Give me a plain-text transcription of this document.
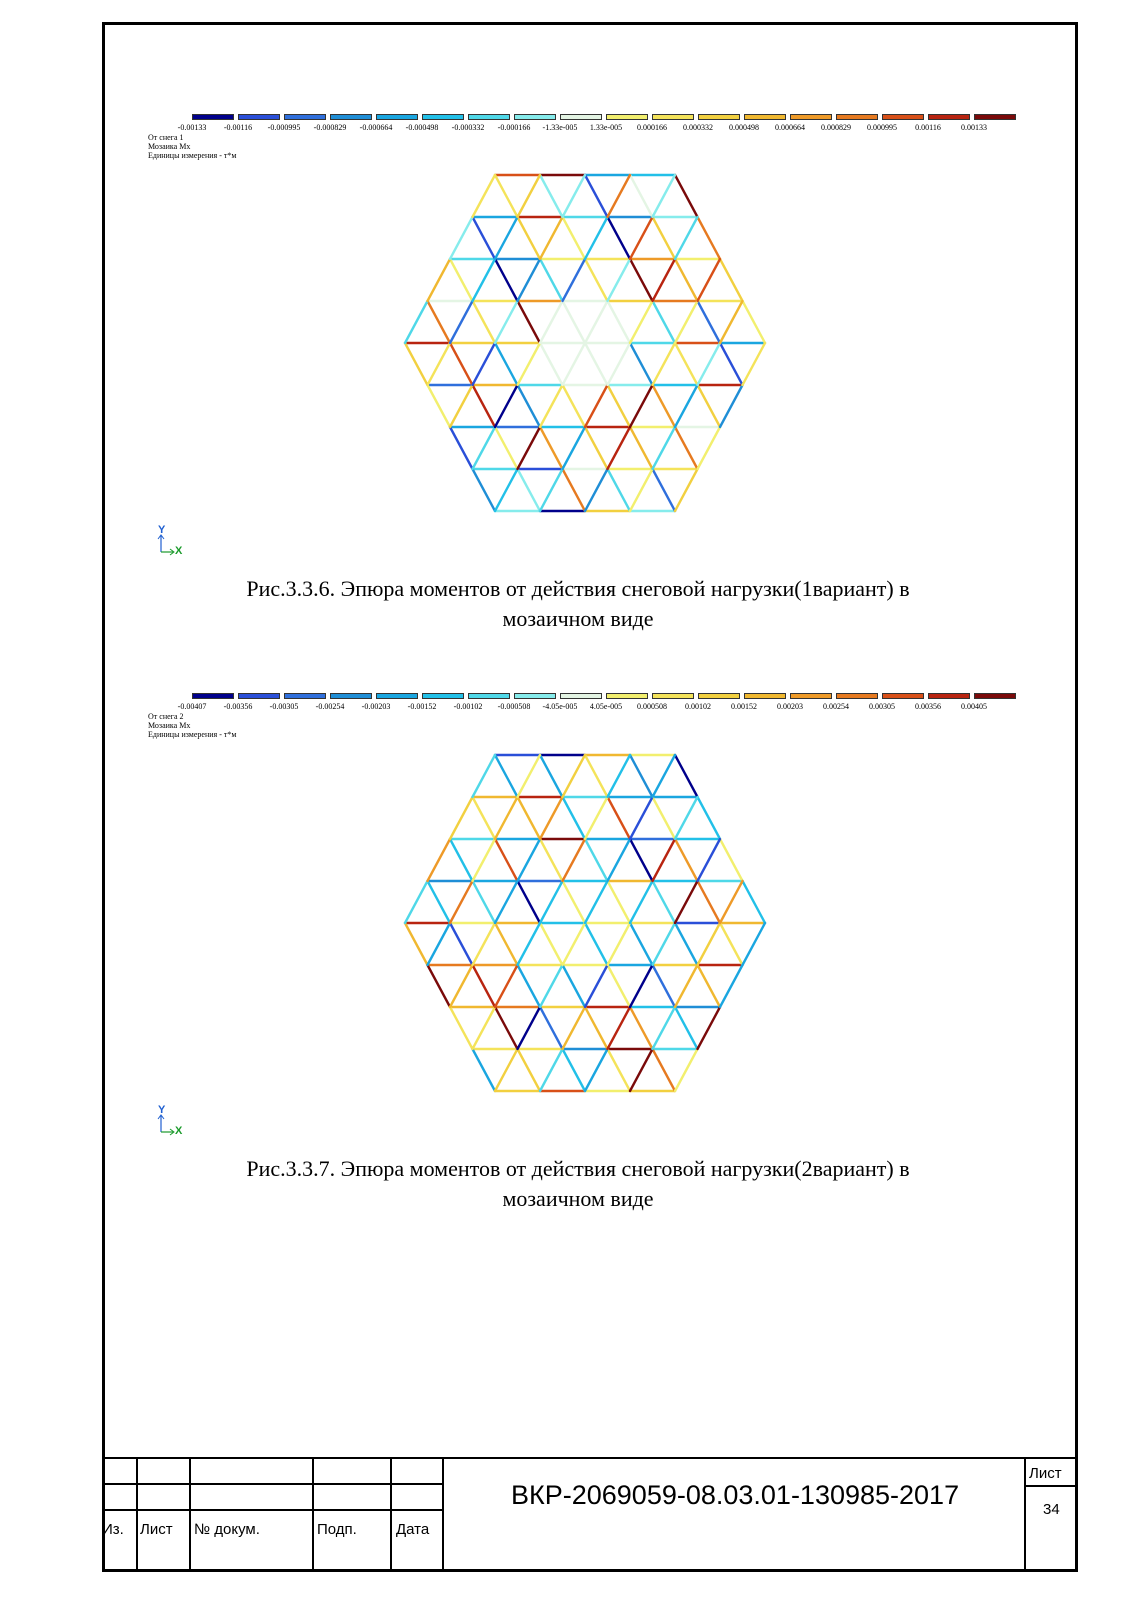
-0.00133 -0.00116 -0.000995 -0.000829 -0.000664 -0.000498 -0.000332 -0.000166 -1.33e-005 1.33e-005 0.000166 0.000332 0.000498 0.000664 0.000829 0.000995 0.00116	0.00133
От снега 1
Мозаика Mx
Единицы измерения - т*м
Y
X
Рис.3.3.6. Эпюра моментов от действия снеговой нагрузки(1вариант) в
мозаичном виде
-0.00407 -0.00356 -0.00305 -0.00254 -0.00203 -0.00152 -0.00102 -0.000508 -4.05e-005 4.05e-005 0.000508 0.00102	0.00152	0.00203	0.00254	0.00305	0.00356	0.00405
От снега 2
Мозаика Mx
Единицы измерения - т*м
Y
X
Рис.3.3.7. Эпюра моментов от действия снеговой нагрузки(2вариант) в
мозаичном виде
Из. Лист № докум.	Подп.	Дата
ВКР-2069059-08.03.01-130985-2017
Лист
34
